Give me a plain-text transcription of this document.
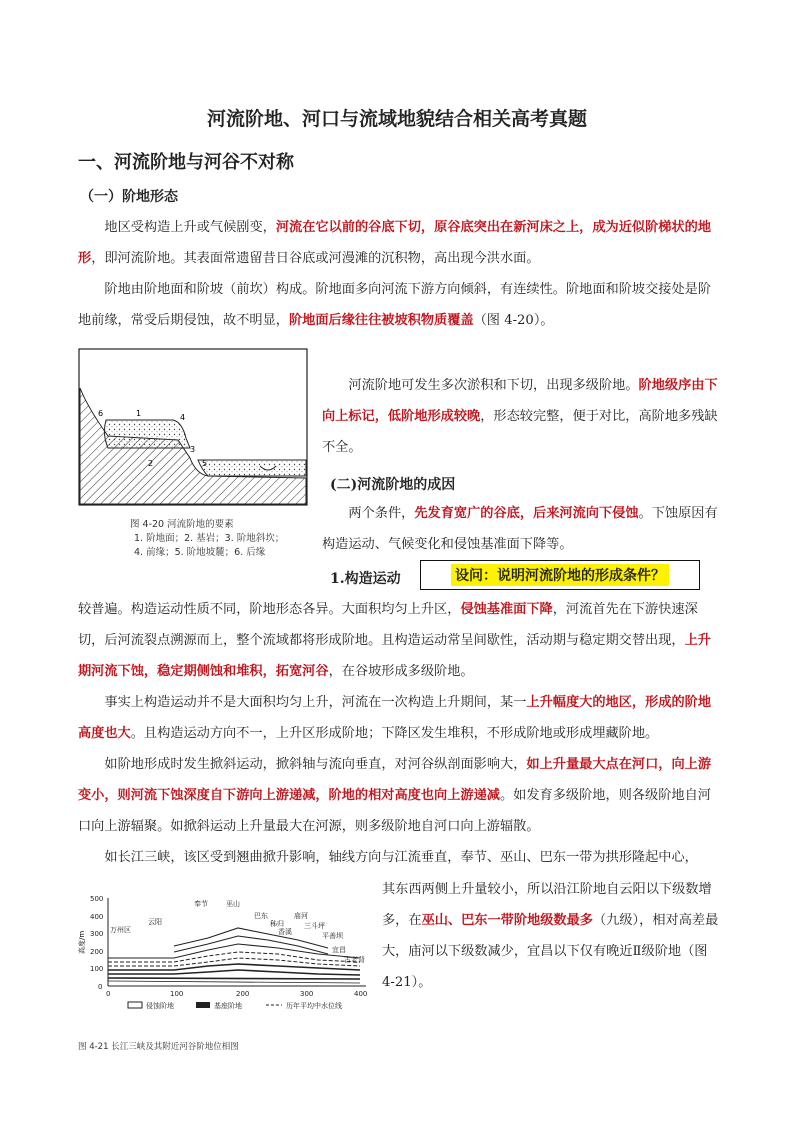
河流阶地、河口与流域地貌结合相关高考真题
一、河流阶地与河谷不对称
（一）阶地形态

地区受构造上升或气候剧变，河流在它以前的谷底下切，原谷底突出在新河床之上，成为近似阶梯状的地形，即河流阶地。其表面常遗留昔日谷底或河漫滩的沉积物，高出现今洪水面。

阶地由阶地面和阶坡（前坎）构成。阶地面多向河流下游方向倾斜，有连续性。阶地面和阶坡交接处是阶地前缘，常受后期侵蚀，故不明显，阶地面后缘往往被坡积物质覆盖（图 4-20）。

6	1	4
2
3
5
图 4-20 河流阶地的要素
1. 阶地面；2. 基岩；3. 阶地斜坎；
4. 前缘；5. 阶地坡麓；6. 后缘

河流阶地可发生多次淤积和下切，出现多级阶地。阶地级序由下向上标记，低阶地形成较晚，形态较完整，便于对比，高阶地多残缺不全。

(二)河流阶地的成因

两个条件，先发育宽广的谷底，后来河流向下侵蚀。下蚀原因有构造运动、气候变化和侵蚀基准面下降等。

1.构造运动	设问：说明河流阶地的形成条件？

较普遍。构造运动性质不同，阶地形态各异。大面积均匀上升区，侵蚀基准面下降，河流首先在下游快速深切，后河流裂点溯源而上，整个流域都将形成阶地。且构造运动常呈间歇性，活动期与稳定期交替出现，上升期河流下蚀，稳定期侧蚀和堆积，拓宽河谷，在谷坡形成多级阶地。

事实上构造运动并不是大面积均匀上升，河流在一次构造上升期间，某一上升幅度大的地区，形成的阶地高度也大。且构造运动方向不一，上升区形成阶地；下降区发生堆积，不形成阶地或形成埋藏阶地。

如阶地形成时发生掀斜运动，掀斜轴与流向垂直，对河谷纵剖面影响大，如上升量最大点在河口，向上游变小，则河流下蚀深度自下游向上游递减，阶地的相对高度也向上游递减。如发育多级阶地，则各级阶地自河口向上游辐聚。如掀斜运动上升量最大在河源，则多级阶地自河口向上游辐散。

如长江三峡，该区受到翘曲掀升影响，轴线方向与江流垂直，奉节、巫山、巴东一带为拱形隆起中心，

高度/m
500
400
300
200
100
0
0	100	200	300	400
万州区
云阳
奉节	巫山
巴东
秭归
香溪
庙河
三斗坪
平善坝
宜昌
古老背
侵蚀阶地	基座阶地	历年平均中水位线
图 4-21 长江三峡及其附近河谷阶地位相图

其东西两侧上升量较小，所以沿江阶地自云阳以下级数增多，在巫山、巴东一带阶地级数最多（九级），相对高差最大，庙河以下级数减少，宜昌以下仅有晚近Ⅱ级阶地（图 4-21）。
